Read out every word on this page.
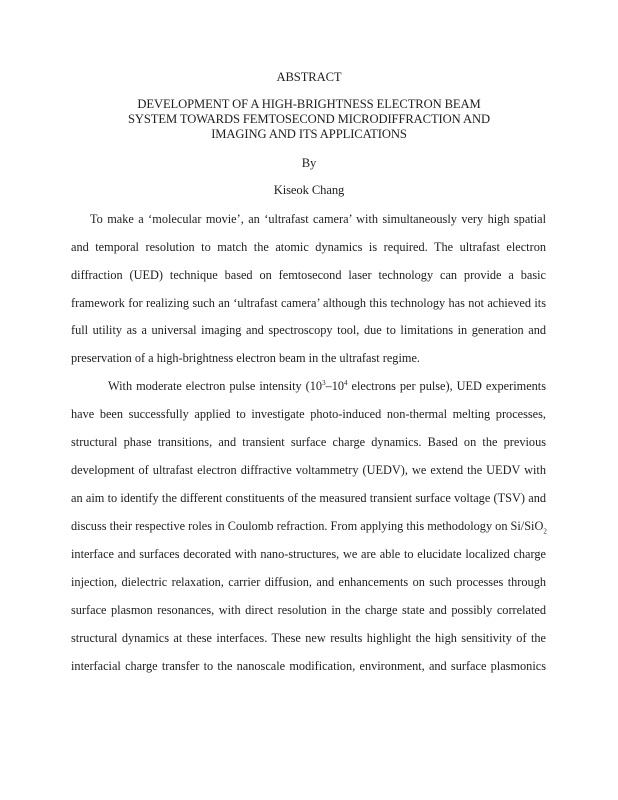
ABSTRACT
DEVELOPMENT OF A HIGH-BRIGHTNESS ELECTRON BEAM
SYSTEM TOWARDS FEMTOSECOND MICRODIFFRACTION AND
IMAGING AND ITS APPLICATIONS
By
Kiseok Chang
To make a ‘molecular movie’, an ‘ultrafast camera’ with simultaneously very high spatial
and temporal resolution to match the atomic dynamics is required. The ultrafast electron
diffraction (UED) technique based on femtosecond laser technology can provide a basic
framework for realizing such an ‘ultrafast camera’ although this technology has not achieved its
full utility as a universal imaging and spectroscopy tool, due to limitations in generation and
preservation of a high-brightness electron beam in the ultrafast regime.
With moderate electron pulse intensity ($10^3-10^4$ electrons per pulse), UED experiments
have been successfully applied to investigate photo-induced non-thermal melting processes,
structural phase transitions, and transient surface charge dynamics. Based on the previous
development of ultrafast electron diffractive voltammetry (UEDV), we extend the UEDV with
an aim to identify the different constituents of the measured transient surface voltage (TSV) and
discuss their respective roles in Coulomb refraction. From applying this methodology on Si/SiO$_2$
interface and surfaces decorated with nano-structures, we are able to elucidate localized charge
injection, dielectric relaxation, carrier diffusion, and enhancements on such processes through
surface plasmon resonances, with direct resolution in the charge state and possibly correlated
structural dynamics at these interfaces. These new results highlight the high sensitivity of the
interfacial charge transfer to the nanoscale modification, environment, and surface plasmonics
